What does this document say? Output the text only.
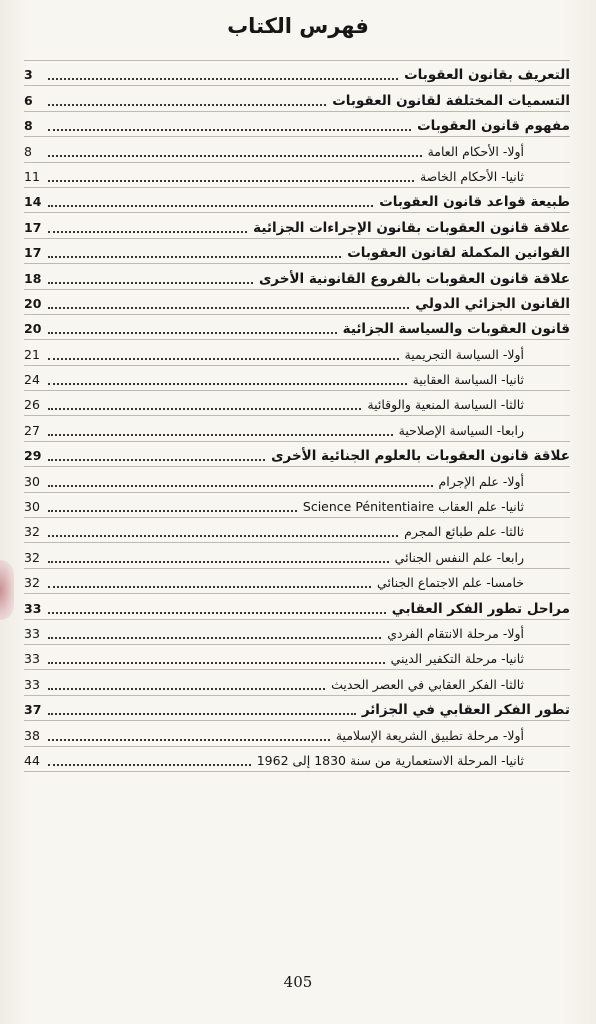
فهرس الكتاب
التعريف بقانون العقوبات
3
التسميات المختلفة لقانون العقوبات
6
مفهوم قانون العقوبات
8
أولا- الأحكام العامة
8
ثانيا- الأحكام الخاصة
11
طبيعة قواعد قانون العقوبات
14
علاقة قانون العقوبات بقانون الإجراءات الجزائية
17
القوانين المكملة لقانون العقوبات
17
علاقة قانون العقوبات بالفروع القانونية الأخرى
18
القانون الجزائي الدولي
20
قانون العقوبات والسياسة الجزائية
20
أولا- السياسة التجريمية
21
ثانيا- السياسة العقابية
24
ثالثا- السياسة المنعية والوقائية
26
رابعا- السياسة الإصلاحية
27
علاقة قانون العقوبات بالعلوم الجنائية الأخرى
29
أولا- علم الإجرام
30
ثانيا- علم العقاب Science Pénitentiaire
30
ثالثا- علم طبائع المجرم
32
رابعا- علم النفس الجنائي
32
خامسا- علم الاجتماع الجنائي
32
مراحل تطور الفكر العقابي
33
أولا- مرحلة الانتقام الفردي
33
ثانيا- مرحلة التكفير الديني
33
ثالثا- الفكر العقابي في العصر الحديث
33
تطور الفكر العقابي في الجزائر
37
أولا- مرحلة تطبيق الشريعة الإسلامية
38
ثانيا- المرحلة الاستعمارية من سنة 1830 إلى 1962
44
405
